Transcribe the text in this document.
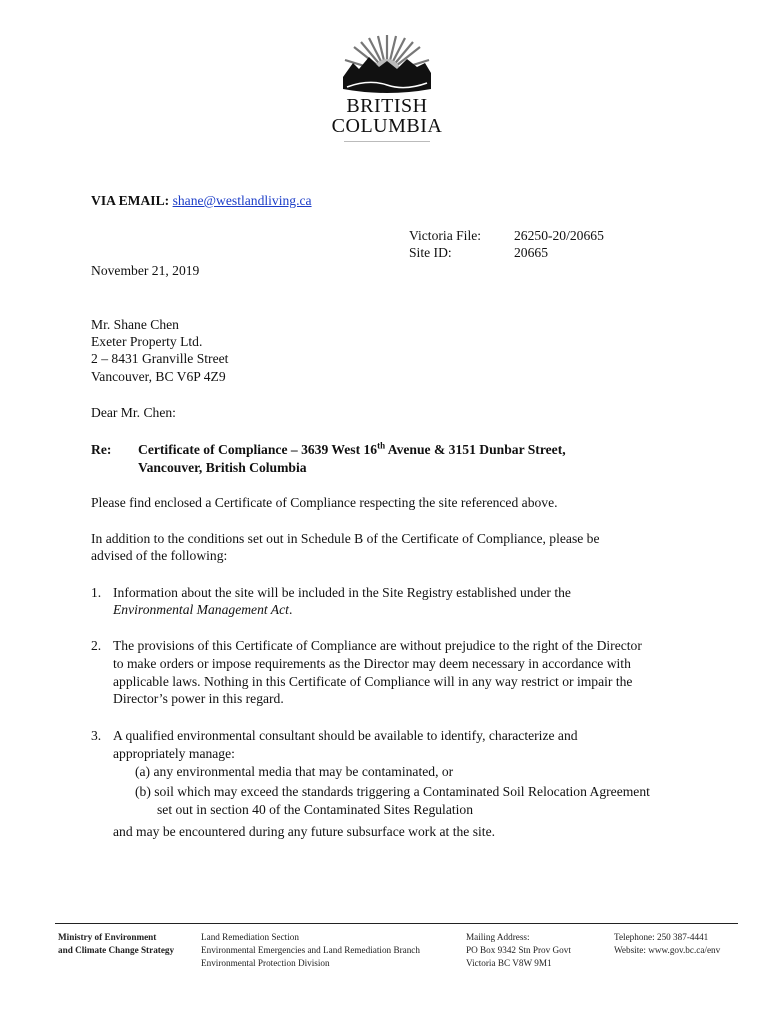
BRITISH
COLUMBIA
VIA EMAIL: shane@westlandliving.ca
Victoria File: 26250-20/20665
Site ID:	20665
November 21, 2019
Mr. Shane Chen
Exeter Property Ltd.
2 – 8431 Granville Street
Vancouver, BC V6P 4Z9
Dear Mr. Chen:
Re: Certificate of Compliance – 3639 West 16th Avenue & 3151 Dunbar Street,
Vancouver, British Columbia
Please find enclosed a Certificate of Compliance respecting the site referenced above.
In addition to the conditions set out in Schedule B of the Certificate of Compliance, please be
advised of the following:
1. Information about the site will be included in the Site Registry established under the
Environmental Management Act.
2. The provisions of this Certificate of Compliance are without prejudice to the right of the Director
to make orders or impose requirements as the Director may deem necessary in accordance with
applicable laws. Nothing in this Certificate of Compliance will in any way restrict or impair the
Director’s power in this regard.
3. A qualified environmental consultant should be available to identify, characterize and
appropriately manage:
(a) any environmental media that may be contaminated, or
(b) soil which may exceed the standards triggering a Contaminated Soil Relocation Agreement
set out in section 40 of the Contaminated Sites Regulation
and may be encountered during any future subsurface work at the site.
Ministry of Environment
and Climate Change Strategy
Land Remediation Section
Environmental Emergencies and Land Remediation Branch
Environmental Protection Division
Mailing Address:
PO Box 9342 Stn Prov Govt
Victoria BC V8W 9M1
Telephone: 250 387-4441
Website: www.gov.bc.ca/env
